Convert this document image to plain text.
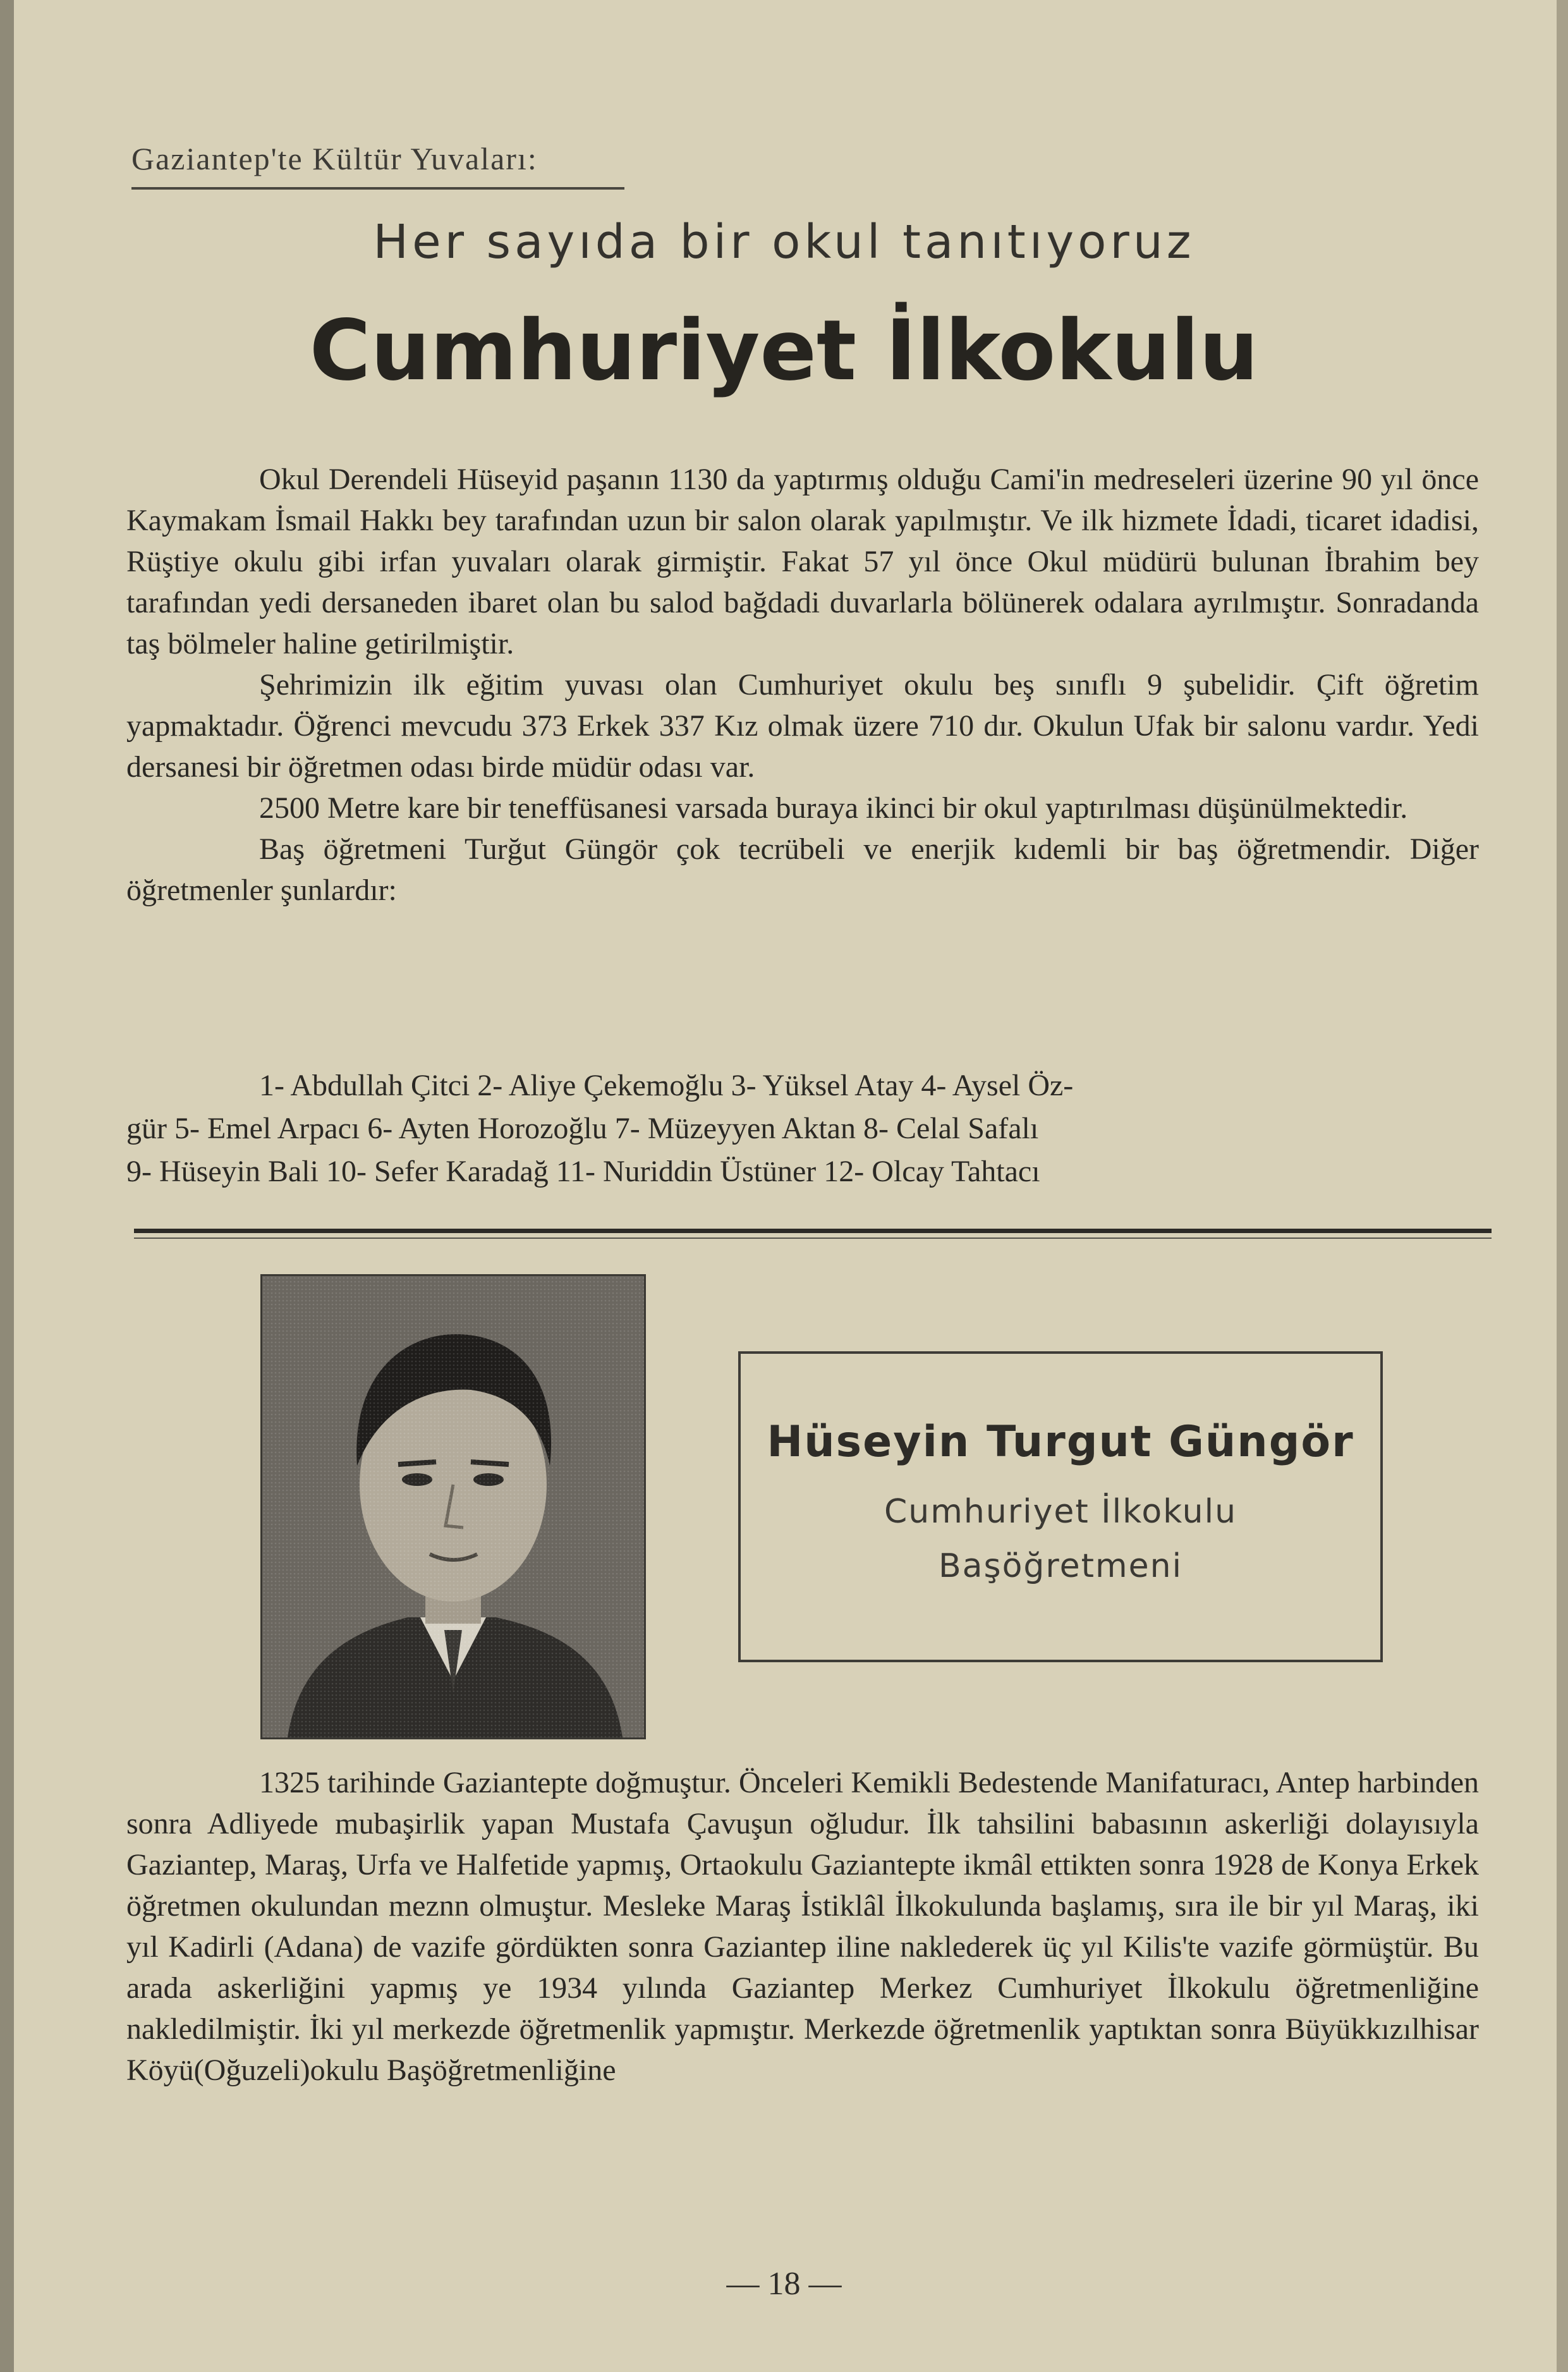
Gaziantep'te Kültür Yuvaları:
Her sayıda bir okul tanıtıyoruz
Cumhuriyet İlkokulu

Okul Derendeli Hüseyid paşanın 1130 da yaptırmış olduğu Cami'in medreseleri üzerine 90 yıl önce Kaymakam İsmail Hakkı bey tarafından uzun bir salon olarak yapılmıştır. Ve ilk hizmete İdadi, ticaret idadisi, Rüştiye okulu gibi irfan yuvaları olarak girmiştir. Fakat 57 yıl önce Okul müdürü bulunan İbrahim bey tarafından yedi dersaneden ibaret olan bu salod bağdadi duvarlarla bölünerek odalara ayrılmıştır. Sonradanda taş bölmeler haline getirilmiştir.

Şehrimizin ilk eğitim yuvası olan Cumhuriyet okulu beş sınıflı 9 şubelidir. Çift öğretim yapmaktadır. Öğrenci mevcudu 373 Erkek 337 Kız olmak üzere 710 dır. Okulun Ufak bir salonu vardır. Yedi dersanesi bir öğretmen odası birde müdür odası var.

2500 Metre kare bir teneffüsanesi varsada buraya ikinci bir okul yaptırılması düşünülmektedir.

Baş öğretmeni Turğut Güngör çok tecrübeli ve enerjik kıdemli bir baş öğretmendir. Diğer öğretmenler şunlardır:

1- Abdullah Çitci 2- Aliye Çekemoğlu 3- Yüksel Atay 4- Aysel Öz-
gür 5- Emel Arpacı 6- Ayten Horozoğlu 7- Müzeyyen Aktan 8- Celal Safalı
9- Hüseyin Bali 10- Sefer Karadağ 11- Nuriddin Üstüner 12- Olcay Tahtacı
Hüseyin Turgut Güngör
Cumhuriyet İlkokulu
Başöğretmeni

1325 tarihinde Gaziantepte doğmuştur. Önceleri Kemikli Bedestende Manifaturacı, Antep harbinden sonra Adliyede mubaşirlik yapan Mustafa Çavuşun oğludur. İlk tahsilini babasının askerliği dolayısıyla Gaziantep, Maraş, Urfa ve Halfetide yapmış, Ortaokulu Gaziantepte ikmâl ettikten sonra 1928 de Konya Erkek öğretmen okulundan meznn olmuştur. Mesleke Maraş İstiklâl İlkokulunda başlamış, sıra ile bir yıl Maraş, iki yıl Kadirli (Adana) de vazife gördükten sonra Gaziantep iline naklederek üç yıl Kilis'te vazife görmüştür. Bu arada askerliğini yapmış ye 1934 yılında Gaziantep Merkez Cumhuriyet İlkokulu öğretmenliğine nakledilmiştir. İki yıl merkezde öğretmenlik yapmıştır. Merkezde öğretmenlik yaptıktan sonra Büyükkızılhisar Köyü(Oğuzeli)okulu Başöğretmenliğine

— 18 —
